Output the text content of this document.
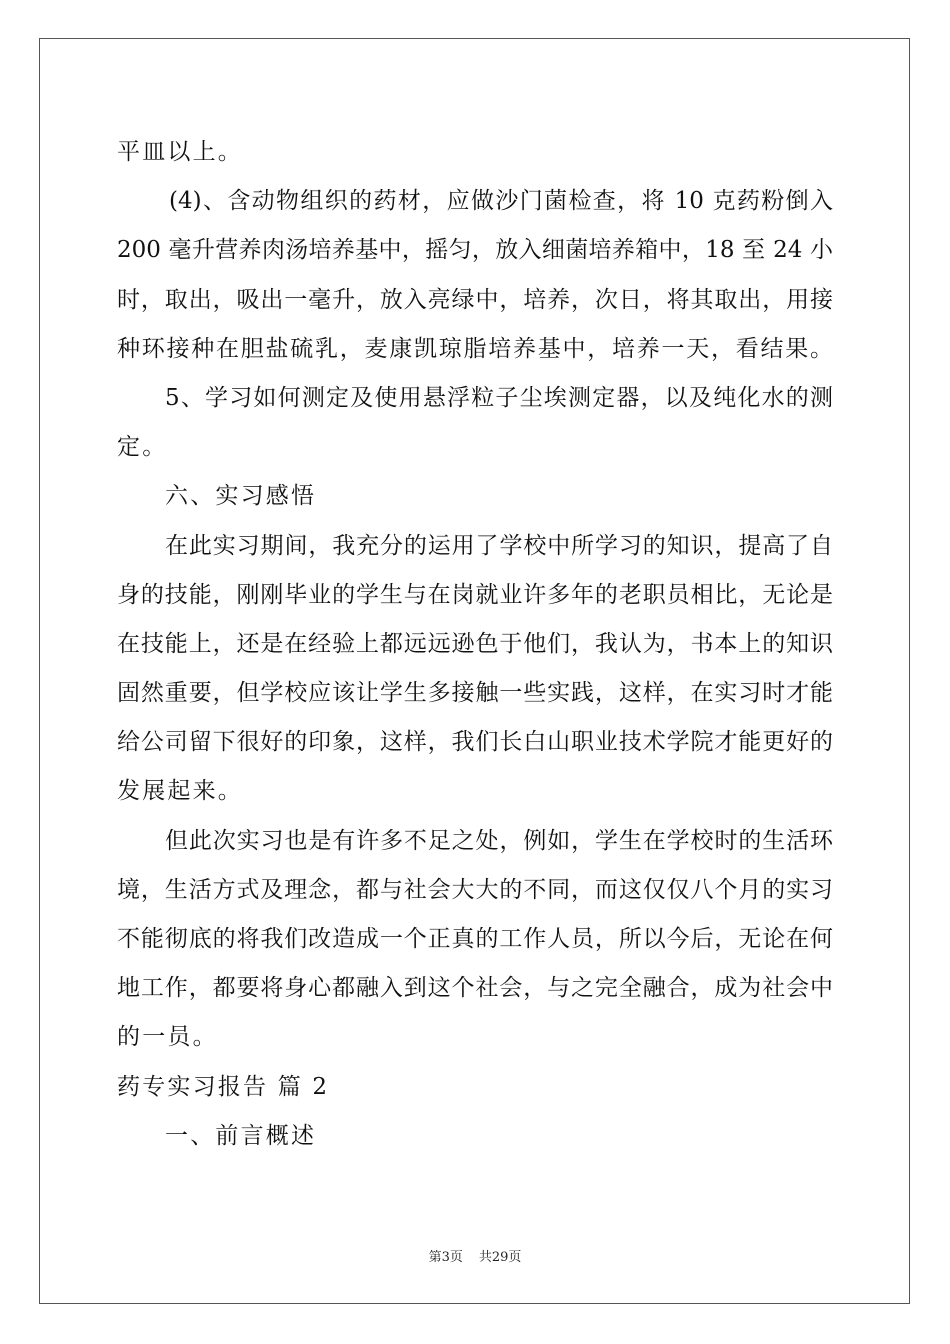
平皿以上。
(4)、含动物组织的药材，应做沙门菌检查，将 10 克药粉倒入
200 毫升营养肉汤培养基中，摇匀，放入细菌培养箱中，18 至 24 小
时，取出，吸出一毫升，放入亮绿中，培养，次日，将其取出，用接
种环接种在胆盐硫乳，麦康凯琼脂培养基中，培养一天，看结果。
5、学习如何测定及使用悬浮粒子尘埃测定器，以及纯化水的测
定。
六、实习感悟
在此实习期间，我充分的运用了学校中所学习的知识，提高了自
身的技能，刚刚毕业的学生与在岗就业许多年的老职员相比，无论是
在技能上，还是在经验上都远远逊色于他们，我认为，书本上的知识
固然重要，但学校应该让学生多接触一些实践，这样，在实习时才能
给公司留下很好的印象，这样，我们长白山职业技术学院才能更好的
发展起来。
但此次实习也是有许多不足之处，例如，学生在学校时的生活环
境，生活方式及理念，都与社会大大的不同，而这仅仅八个月的实习
不能彻底的将我们改造成一个正真的工作人员，所以今后，无论在何
地工作，都要将身心都融入到这个社会，与之完全融合，成为社会中
的一员。
药专实习报告 篇 2
一、前言概述
第3页 共29页
